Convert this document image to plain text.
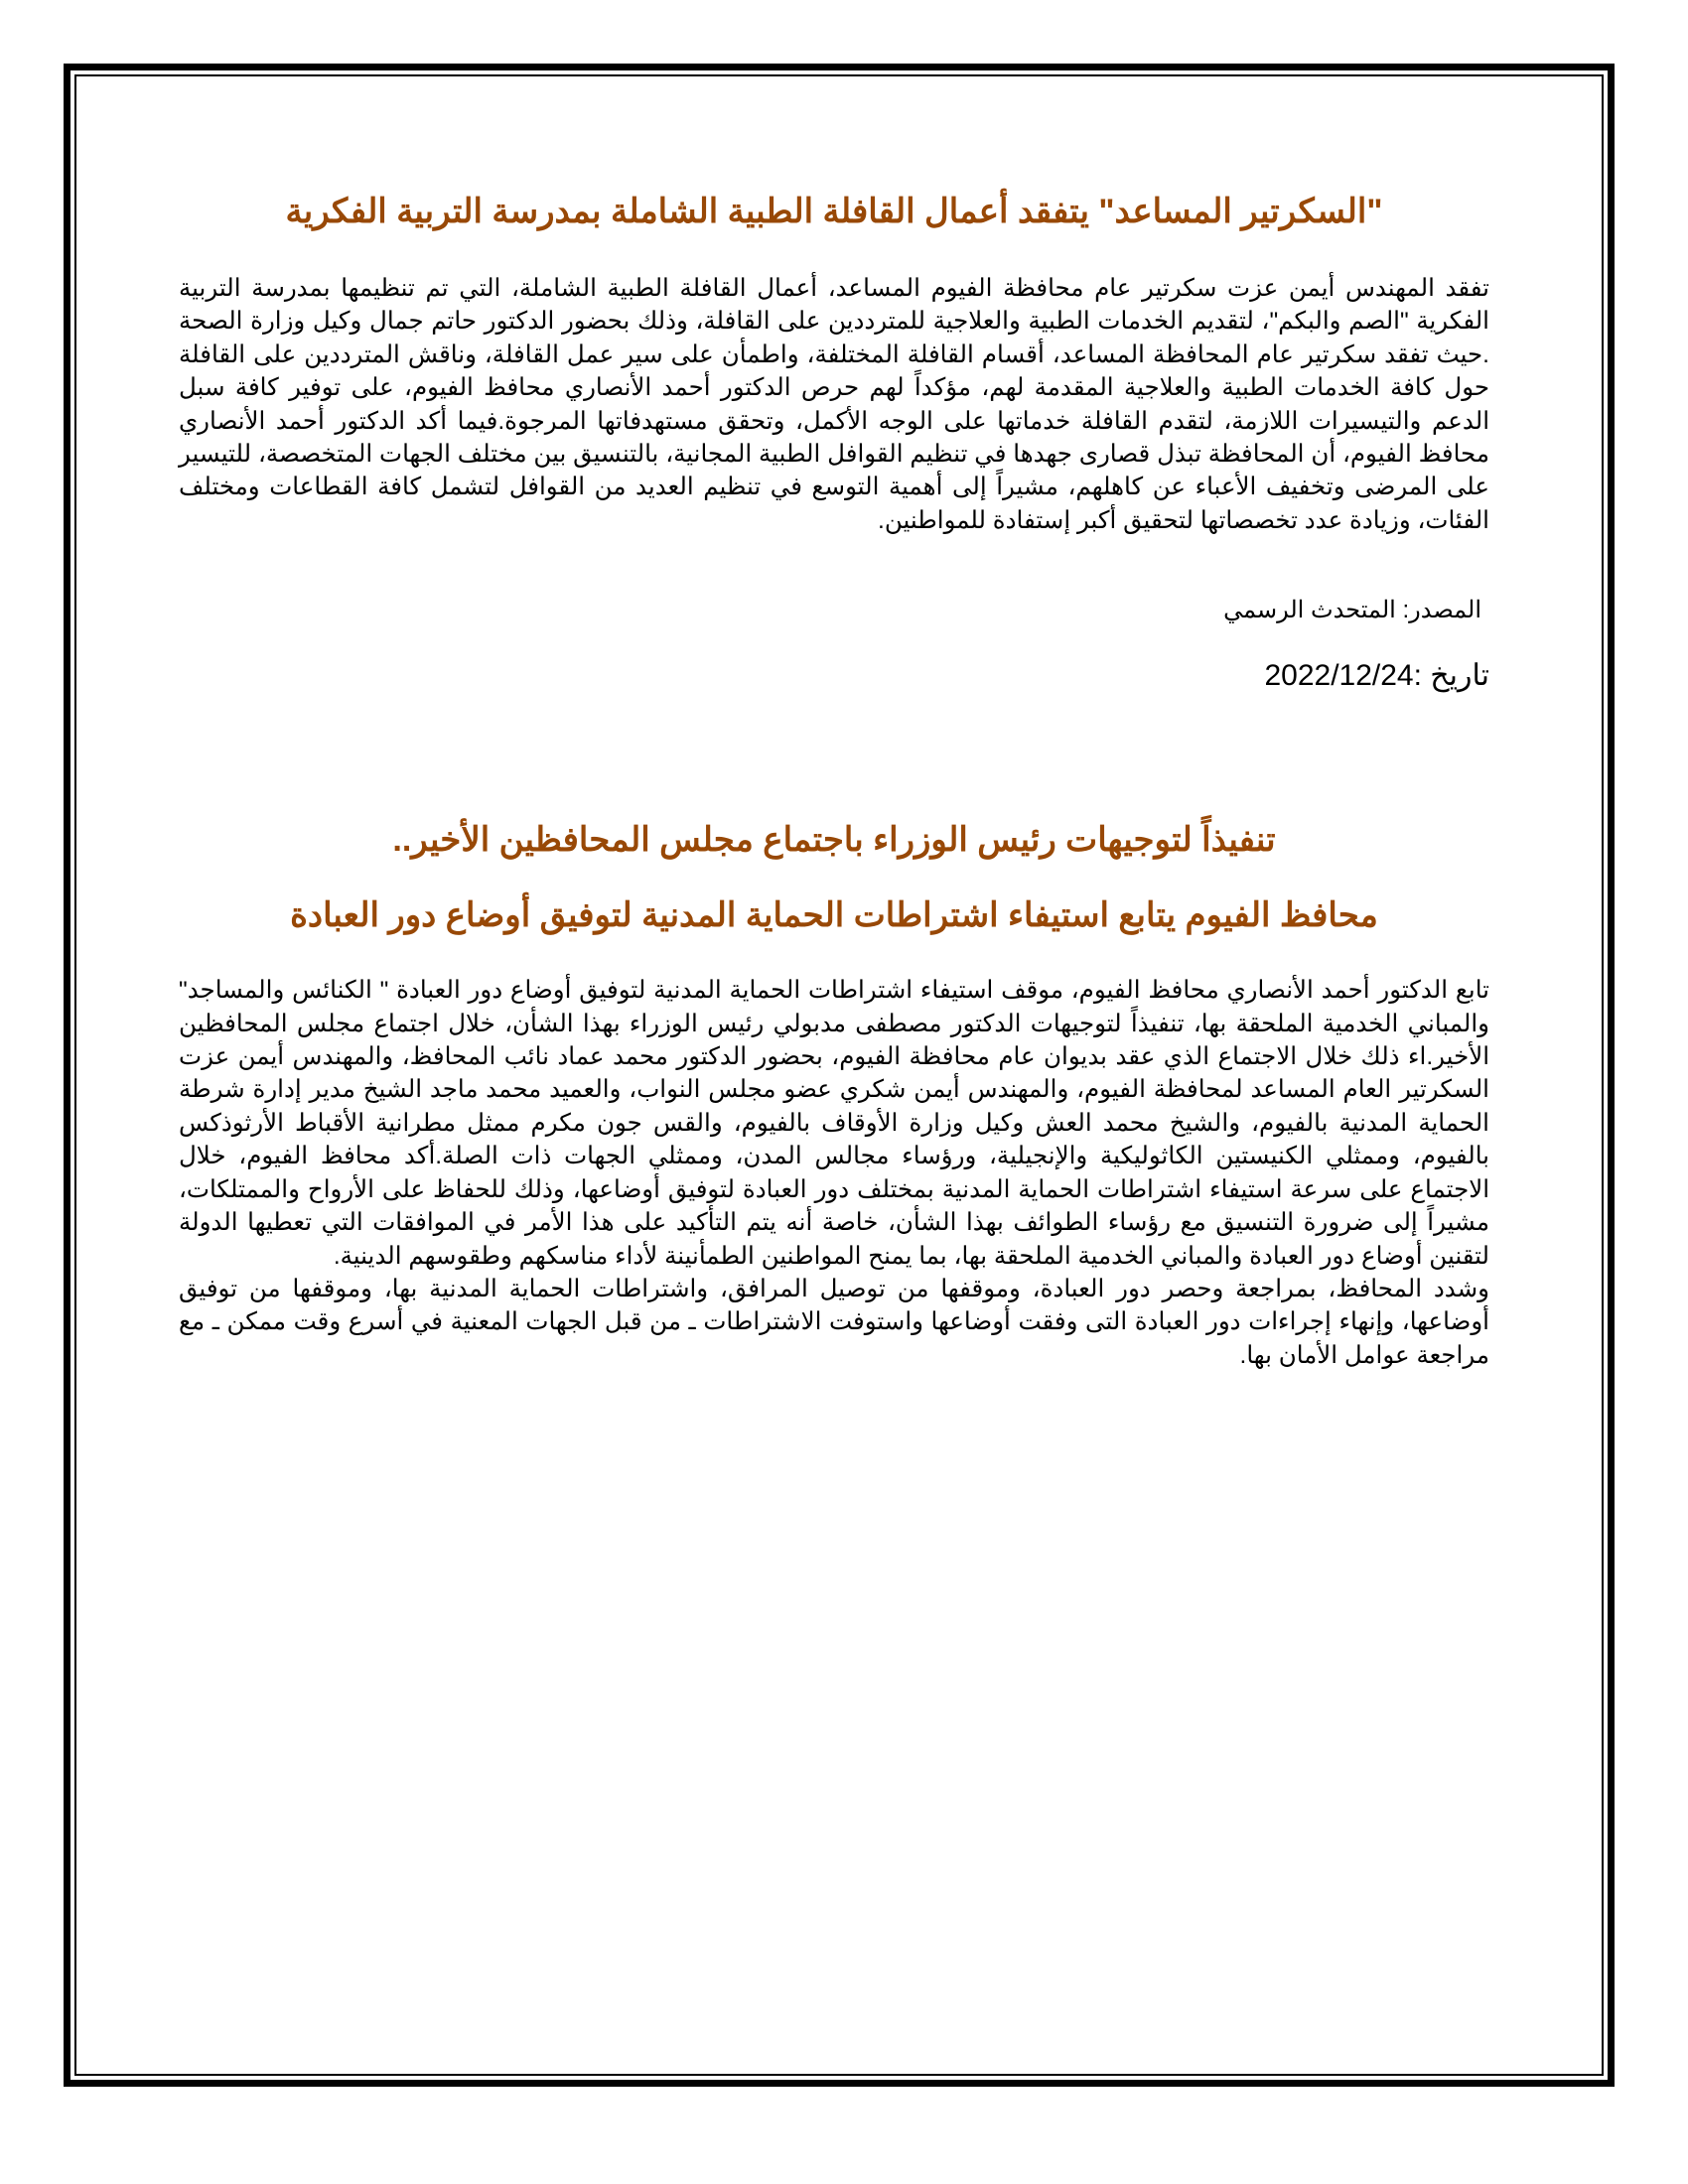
"السكرتير المساعد" يتفقد أعمال القافلة الطبية الشاملة بمدرسة التربية الفكرية

تفقد المهندس أيمن عزت سكرتير عام محافظة الفيوم المساعد، أعمال القافلة الطبية الشاملة، التي تم تنظيمها بمدرسة التربية الفكرية "الصم والبكم"، لتقديم الخدمات الطبية والعلاجية للمترددين على القافلة، وذلك بحضور الدكتور حاتم جمال وكيل وزارة الصحة .حيث تفقد سكرتير عام المحافظة المساعد، أقسام القافلة المختلفة، واطمأن على سير عمل القافلة، وناقش المترددين على القافلة حول كافة الخدمات الطبية والعلاجية المقدمة لهم، مؤكداً لهم حرص الدكتور أحمد الأنصاري محافظ الفيوم، على توفير كافة سبل الدعم والتيسيرات اللازمة، لتقدم القافلة خدماتها على الوجه الأكمل، وتحقق مستهدفاتها المرجوة.فيما أكد الدكتور أحمد الأنصاري محافظ الفيوم، أن المحافظة تبذل قصارى جهدها في تنظيم القوافل الطبية المجانية، بالتنسيق بين مختلف الجهات المتخصصة، للتيسير على المرضى وتخفيف الأعباء عن كاهلهم، مشيراً إلى أهمية التوسع في تنظيم العديد من القوافل لتشمل كافة القطاعات ومختلف الفئات، وزيادة عدد تخصصاتها لتحقيق أكبر إستفادة للمواطنين.

المصدر: المتحدث الرسمي

تاريخ :2022/12/24

تنفيذاً لتوجيهات رئيس الوزراء باجتماع مجلس المحافظين الأخير..
محافظ الفيوم يتابع استيفاء اشتراطات الحماية المدنية لتوفيق أوضاع دور العبادة

تابع الدكتور أحمد الأنصاري محافظ الفيوم، موقف استيفاء اشتراطات الحماية المدنية لتوفيق أوضاع دور العبادة " الكنائس والمساجد" والمباني الخدمية الملحقة بها، تنفيذاً لتوجيهات الدكتور مصطفى مدبولي رئيس الوزراء بهذا الشأن، خلال اجتماع مجلس المحافظين الأخير.اء ذلك خلال الاجتماع الذي عقد بديوان عام محافظة الفيوم، بحضور الدكتور محمد عماد نائب المحافظ، والمهندس أيمن عزت السكرتير العام المساعد لمحافظة الفيوم، والمهندس أيمن شكري عضو مجلس النواب، والعميد محمد ماجد الشيخ مدير إدارة شرطة الحماية المدنية بالفيوم، والشيخ محمد العش وكيل وزارة الأوقاف بالفيوم، والقس جون مكرم ممثل مطرانية الأقباط الأرثوذكس بالفيوم، وممثلي الكنيستين الكاثوليكية والإنجيلية، ورؤساء مجالس المدن، وممثلي الجهات ذات الصلة.أكد محافظ الفيوم، خلال الاجتماع على سرعة استيفاء اشتراطات الحماية المدنية بمختلف دور العبادة لتوفيق أوضاعها، وذلك للحفاظ على الأرواح والممتلكات، مشيراً إلى ضرورة التنسيق مع رؤساء الطوائف بهذا الشأن، خاصة أنه يتم التأكيد على هذا الأمر في الموافقات التي تعطيها الدولة لتقنين أوضاع دور العبادة والمباني الخدمية الملحقة بها، بما يمنح المواطنين الطمأنينة لأداء مناسكهم وطقوسهم الدينية.

وشدد المحافظ، بمراجعة وحصر دور العبادة، وموقفها من توصيل المرافق، واشتراطات الحماية المدنية بها، وموقفها من توفيق أوضاعها، وإنهاء إجراءات دور العبادة التى وفقت أوضاعها واستوفت الاشتراطات ـ من قبل الجهات المعنية في أسرع وقت ممكن ـ مع مراجعة عوامل الأمان بها.
